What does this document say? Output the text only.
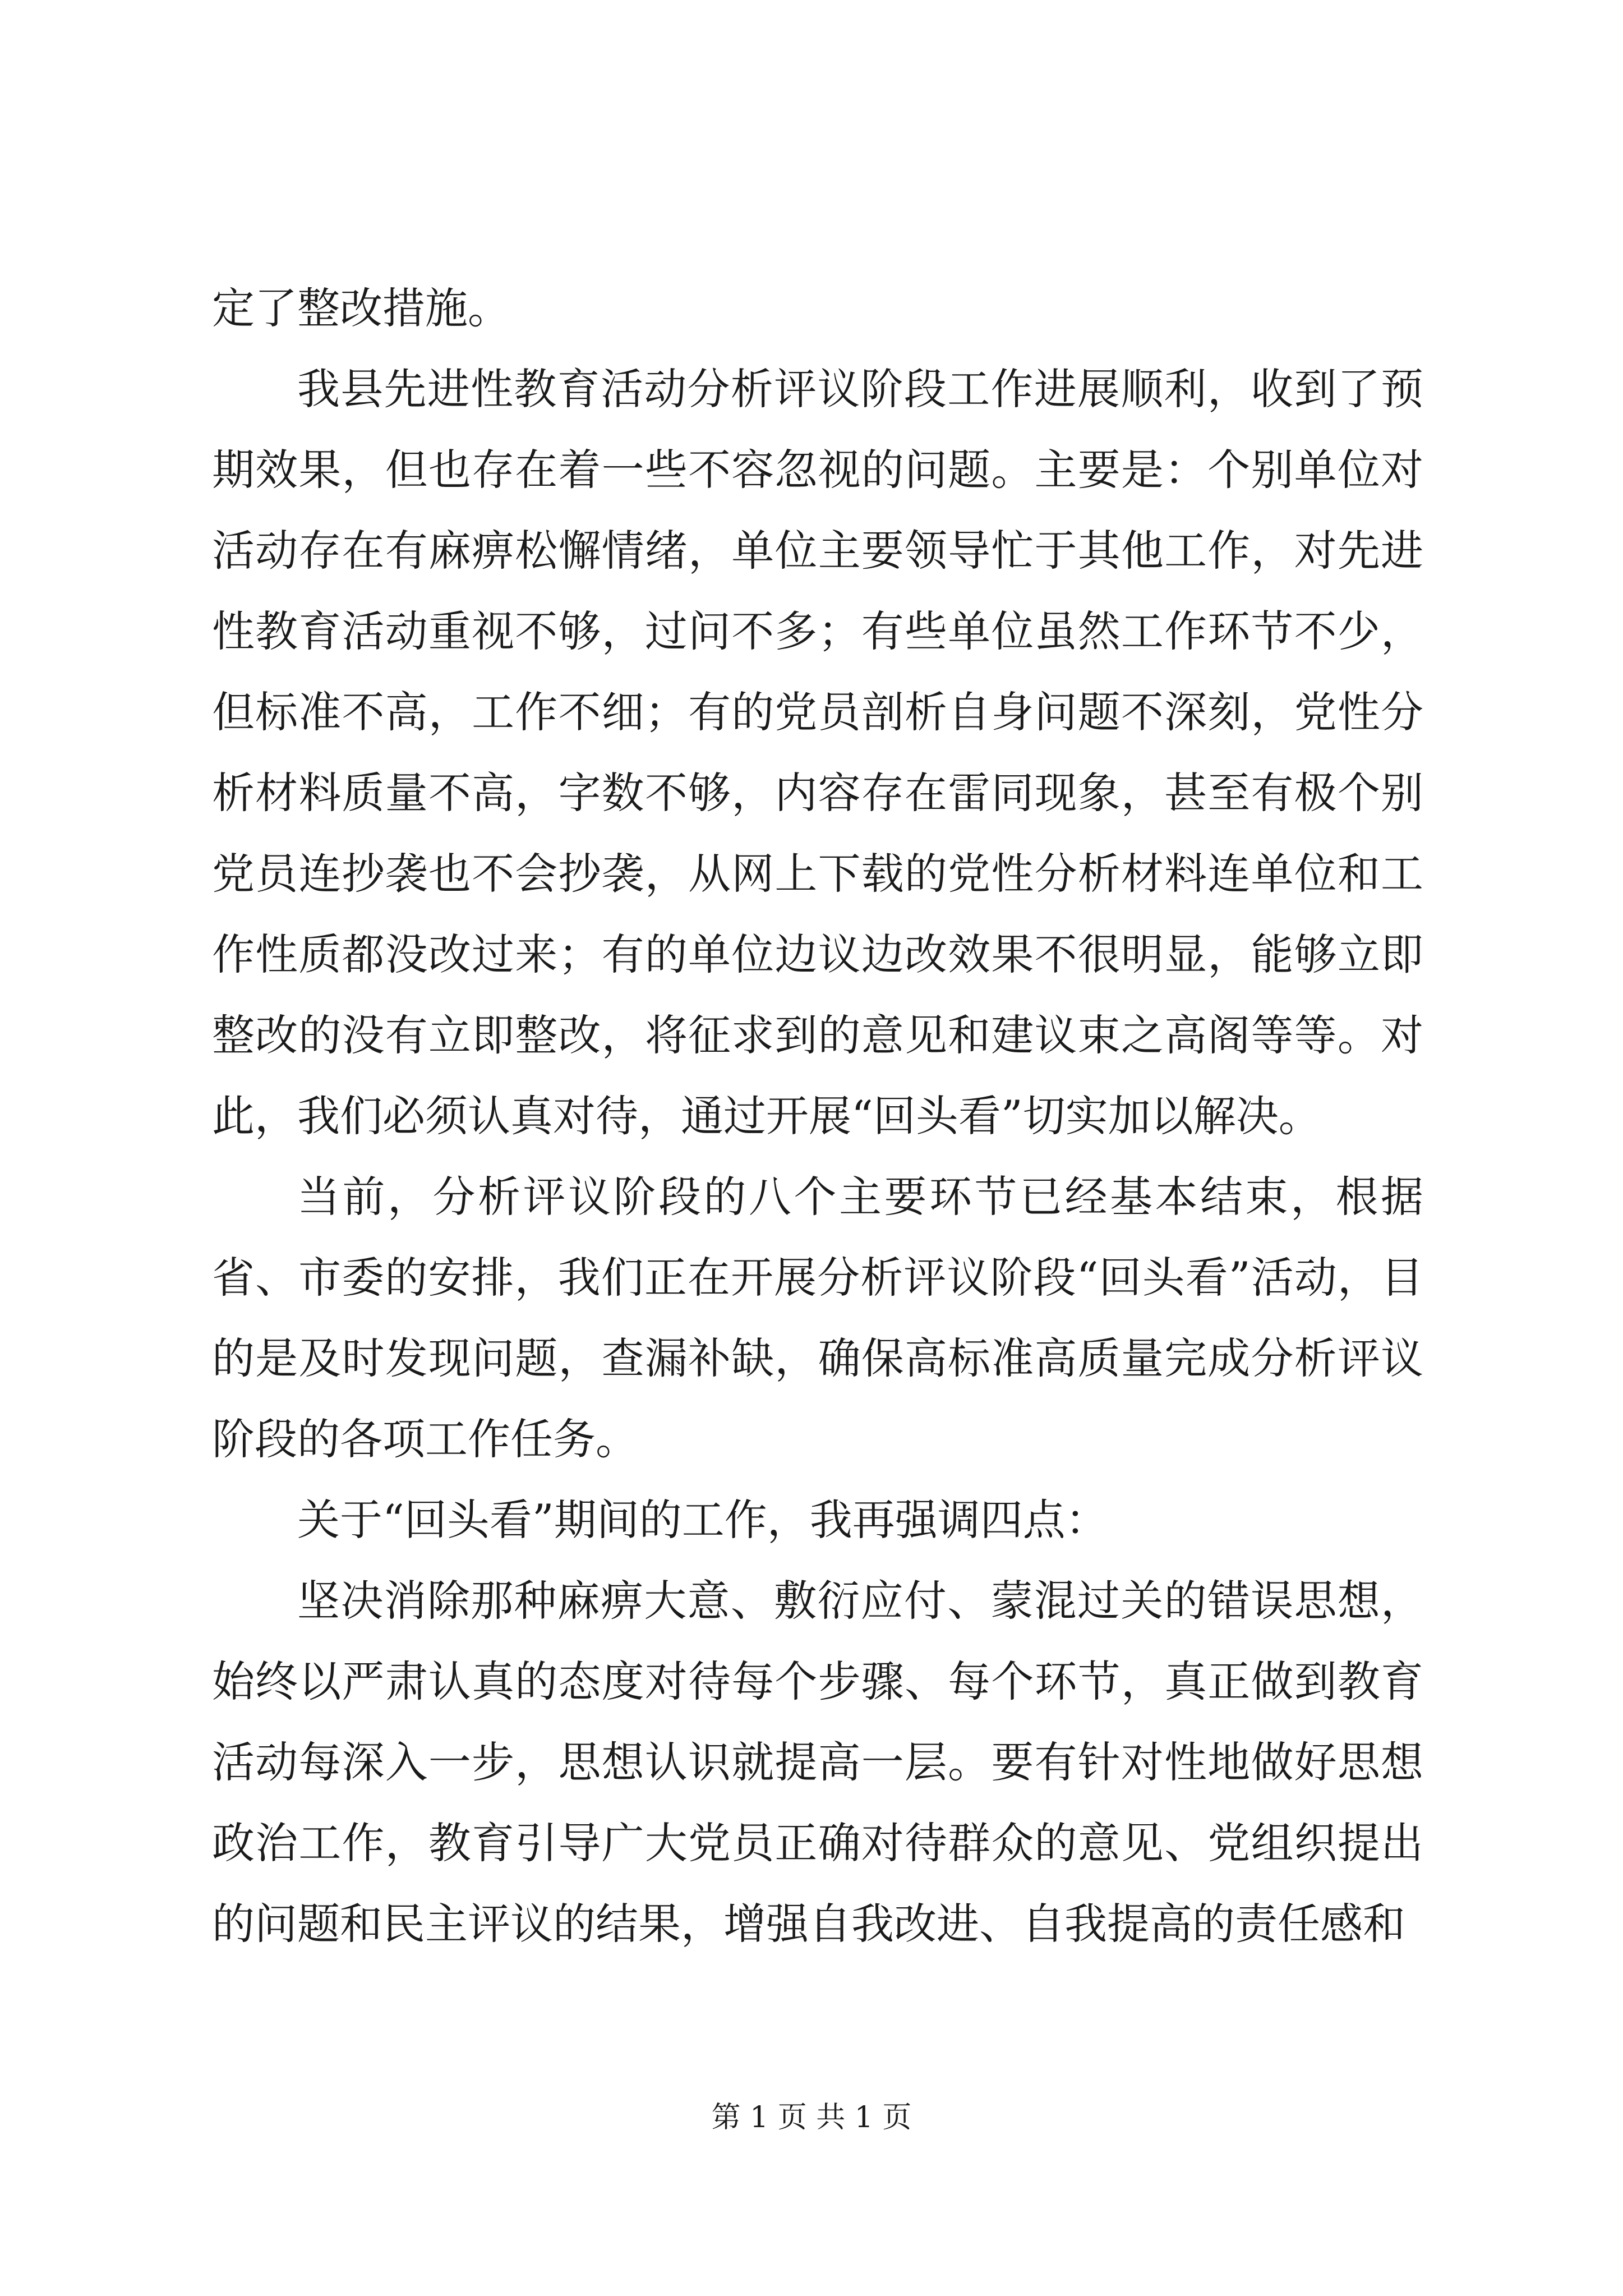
定了整改措施。

我县先进性教育活动分析评议阶段工作进展顺利，收到了预期效果，但也存在着一些不容忽视的问题。主要是：个别单位对活动存在有麻痹松懈情绪，单位主要领导忙于其他工作，对先进性教育活动重视不够，过问不多；有些单位虽然工作环节不少，但标准不高，工作不细；有的党员剖析自身问题不深刻，党性分析材料质量不高，字数不够，内容存在雷同现象，甚至有极个别党员连抄袭也不会抄袭，从网上下载的党性分析材料连单位和工作性质都没改过来；有的单位边议边改效果不很明显，能够立即整改的没有立即整改，将征求到的意见和建议束之高阁等等。对此，我们必须认真对待，通过开展“回头看”切实加以解决。

当前，分析评议阶段的八个主要环节已经基本结束，根据省、市委的安排，我们正在开展分析评议阶段“回头看”活动，目的是及时发现问题，查漏补缺，确保高标准高质量完成分析评议阶段的各项工作任务。

关于“回头看”期间的工作，我再强调四点：

坚决消除那种麻痹大意、敷衍应付、蒙混过关的错误思想，始终以严肃认真的态度对待每个步骤、每个环节，真正做到教育活动每深入一步，思想认识就提高一层。要有针对性地做好思想政治工作，教育引导广大党员正确对待群众的意见、党组织提出的问题和民主评议的结果，增强自我改进、自我提高的责任感和

第 1 页 共 1 页
